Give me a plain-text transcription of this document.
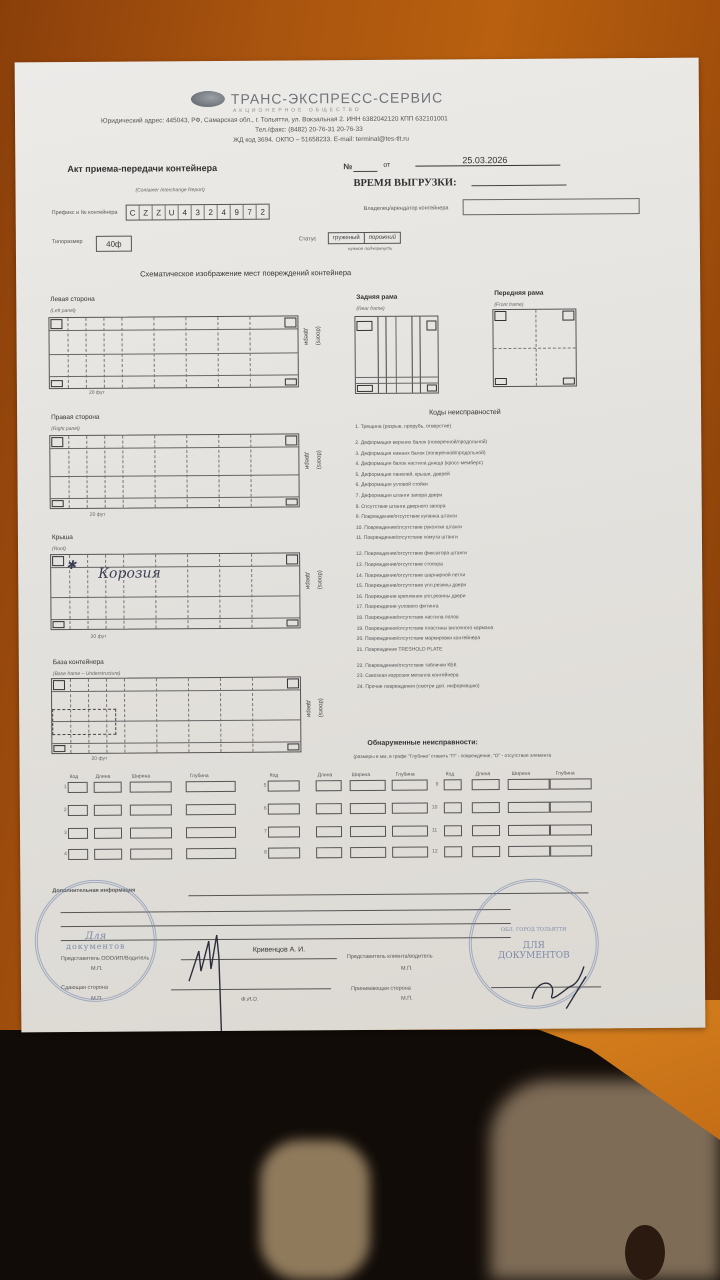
ТРАНС-ЭКСПРЕСС-СЕРВИС
АКЦИОНЕРНОЕ ОБЩЕСТВО
Юридический адрес: 445043, РФ, Самарская обл., г. Тольятти, ул. Вокзальная 2. ИНН 6382042120 КПП 632101001
Тел./факс: (8482) 20-76-31 20-76-33
ЖД код 3694. ОКПО – 51658233. E-mail: terminal@tes-tlt.ru
Акт приема-передачи контейнера
(Container Interchange Report)
№	от
25.03.2026
ВРЕМЯ ВЫГРУЗКИ:
Префикс и № контейнера	C Z	Z U 4	3	2	4	9	7	2	Владелец/арендатор контейнера
Типоразмер	40ф	Статус	груженый	порожний
нужное подчеркнуть
Схематическое изображение мест повреждений контейнера
Левая сторона
(Left panel)
двери (doors)
20 фут
Задняя рама
(Rear frame)
Передняя рама
(Front frame)
Правая сторона
(Right panel)
двери (doors)
20 фут
Крыша
(Roof)
✱
Корозия	двери (doors)
20 фут
База контейнера
(Base frame – Understructure)
двери (doors)
20 фут
Коды неисправностей
1. Трещина (разрыв, прорубь, отверстие)
2. Деформация верхних балок (поперечной/продольной)
3. Деформация нижних балок (поперечной/продольной)
4. Деформация балок настила днища (кросс-мемберс)
5. Деформация панелей, крыши, дверей
6. Деформация угловой стойки
7. Деформация штанги запора двери
8. Отсутствие штанги дверного запора
9. Повреждение/отсутствие купанка штанги
10. Повреждение/отсутствие рукоятки штанги
11. Повреждение/отсутствие хомута штанги
12. Повреждение/отсутствие фиксатора штанги
13. Повреждение/отсутствие стопора
14. Повреждение/отсутствие шарнирной петли
15. Повреждение/отсутствие упл.резины двери
16. Повреждение крепления упл.резины двери
17. Повреждение углового фитинга
18. Повреждение/отсутствие настила полов
19. Повреждение/отсутствие пластины вилочного кармана
20. Повреждение/отсутствие маркировки контейнера
21. Повреждение TRESHOLD PLATE
22. Повреждение/отсутствие таблички КБК
23. Сквозная коррозия металла контейнера
24. Прочие повреждения (смотри доп. информацию)
Обнаруженные неисправности:
(размеры в мм, в графе "Глубина" ставить "П" - повреждение, "О" - отсутствие элемента
Код	Длина	Ширина	Глубина	Код	Длина	Ширина	Глубина	Код	Длина	Ширина	Глубина
1	5	9
2	6	10
3	7	11
4	8	12
Дополнительная информация
Представитель ООО/ИП/Водитель
М.П.
Кривенцов А. И.
Представитель клиента/водитель
М.П.
Сдающая сторона
М.П.	Ф.И.О.
Принимающая сторона
М.П.
Для
документов
ОБЛ. ГОРОД ТОЛЬЯТТИ
ДЛЯ
ДОКУМЕНТОВ
